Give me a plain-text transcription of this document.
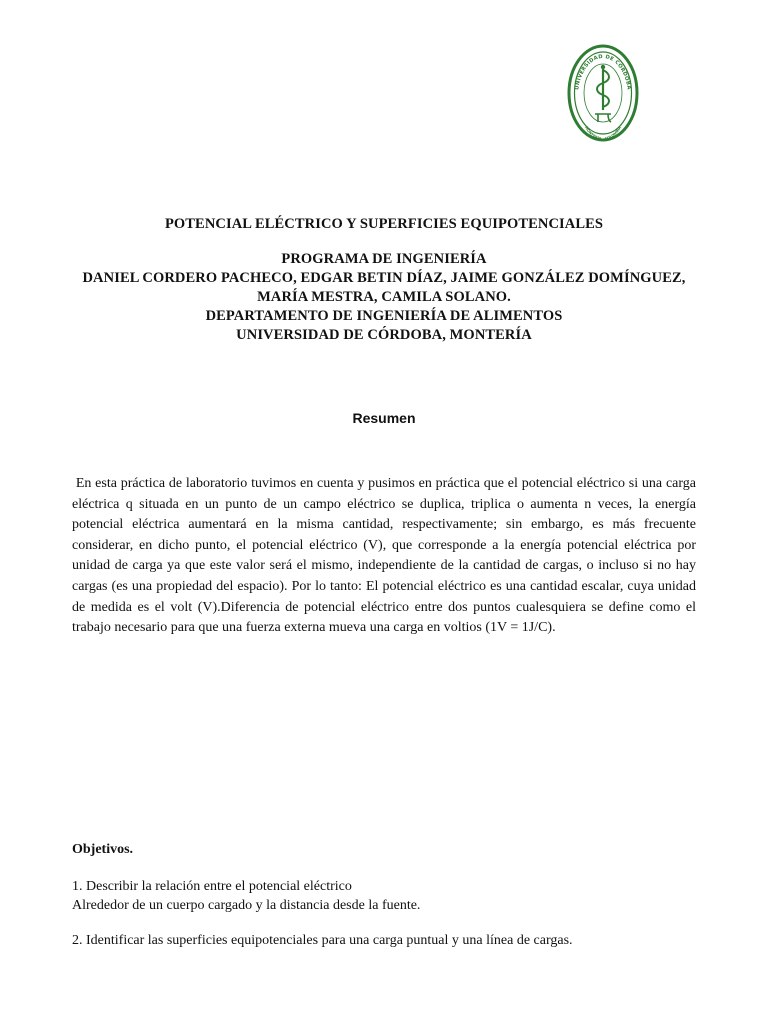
UNIVERSIDAD DE CÓRDOBA
MONTERÍA - COLOMBIA
POTENCIAL ELÉCTRICO Y SUPERFICIES EQUIPOTENCIALES
PROGRAMA DE INGENIERÍA
DANIEL CORDERO PACHECO, EDGAR BETIN DÍAZ, JAIME GONZÁLEZ DOMÍNGUEZ,
MARÍA MESTRA, CAMILA SOLANO.
DEPARTAMENTO DE INGENIERÍA DE ALIMENTOS
UNIVERSIDAD DE CÓRDOBA, MONTERÍA
Resumen
En esta práctica de laboratorio tuvimos en cuenta y pusimos en práctica que el potencial eléctrico si una carga eléctrica q situada en un punto de un campo eléctrico se duplica, triplica o aumenta n veces, la energía potencial eléctrica aumentará en la misma cantidad, respectivamente; sin embargo, es más frecuente considerar, en dicho punto, el potencial eléctrico (V), que corresponde a la energía potencial eléctrica por unidad de carga ya que este valor será el mismo, independiente de la cantidad de cargas, o incluso si no hay cargas (es una propiedad del espacio). Por lo tanto: El potencial eléctrico es una cantidad escalar, cuya unidad de medida es el volt (V).Diferencia de potencial eléctrico entre dos puntos cualesquiera se define como el trabajo necesario para que una fuerza externa mueva una carga en voltios (1V = 1J/C).
Objetivos.
1. Describir la relación entre el potencial eléctrico
Alrededor de un cuerpo cargado y la distancia desde la fuente.
2. Identificar las superficies equipotenciales para una carga puntual y una línea de cargas.
